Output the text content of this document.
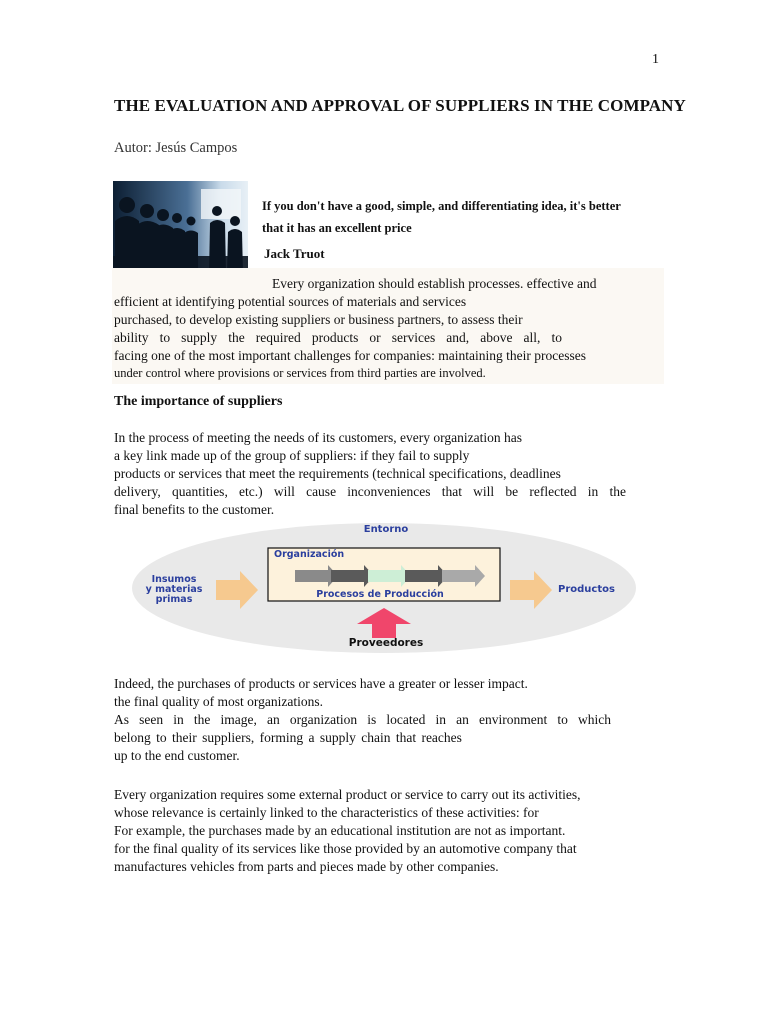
1
THE EVALUATION AND APPROVAL OF SUPPLIERS IN THE COMPANY
Autor: Jesús Campos
If you don't have a good, simple, and differentiating idea, it's better that it has an excellent price
Jack Truot
Every organization should establish processes. effective and
efficient at identifying potential sources of materials and services
purchased, to develop existing suppliers or business partners, to assess their
ability to supply the required products or services and, above all, to
facing one of the most important challenges for companies: maintaining their processes
under control where provisions or services from third parties are involved.
The importance of suppliers
In the process of meeting the needs of its customers, every organization has
a key link made up of the group of suppliers: if they fail to supply
products or services that meet the requirements (technical specifications, deadlines
delivery, quantities, etc.) will cause inconveniences that will be reflected in the
final benefits to the customer.
Entorno
Organización
Procesos de Producción
Insumos
y materias
primas
Productos
Proveedores
Indeed, the purchases of products or services have a greater or lesser impact.
the final quality of most organizations.
As seen in the image, an organization is located in an environment to which
belong to their suppliers, forming a supply chain that reaches
up to the end customer.
Every organization requires some external product or service to carry out its activities,
whose relevance is certainly linked to the characteristics of these activities: for
For example, the purchases made by an educational institution are not as important.
for the final quality of its services like those provided by an automotive company that
manufactures vehicles from parts and pieces made by other companies.
